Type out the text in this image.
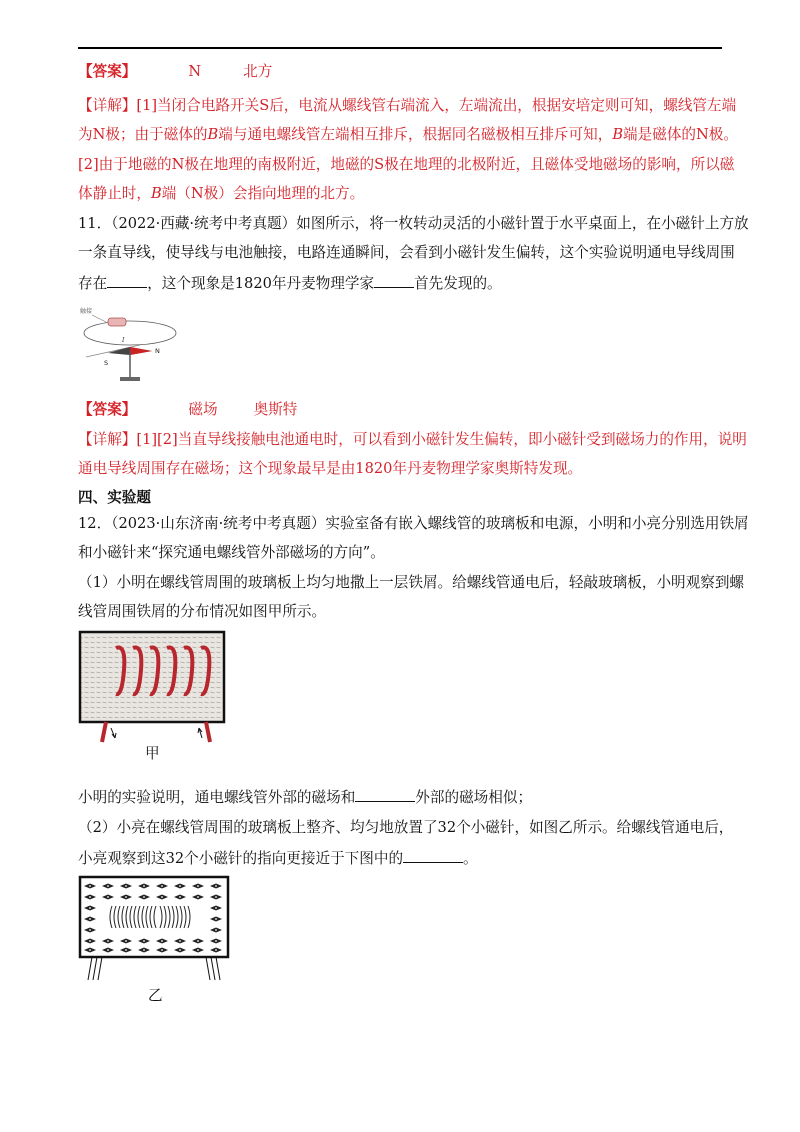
【答案】	N	北方
【详解】[1]当闭合电路开关S后，电流从螺线管右端流入，左端流出，根据安培定则可知，螺线管左端
为N极；由于磁体的B端与通电螺线管左端相互排斥，根据同名磁极相互排斥可知，B端是磁体的N极。
[2]由于地磁的N极在地理的南极附近，地磁的S极在地理的北极附近，且磁体受地磁场的影响，所以磁
体静止时，B端（N极）会指向地理的北方。
11．（2022·西藏·统考中考真题）如图所示，将一枚转动灵活的小磁针置于水平桌面上，在小磁针上方放
一条直导线，使导线与电池触接，电路连通瞬间，会看到小磁针发生偏转，这个实验说明通电导线周围
存在	，这个现象是1820年丹麦物理学家	首先发现的。
触接
I
S
N
【答案】	磁场 奥斯特
【详解】[1][2]当直导线接触电池通电时，可以看到小磁针发生偏转，即小磁针受到磁场力的作用，说明
通电导线周围存在磁场；这个现象最早是由1820年丹麦物理学家奥斯特发现。
四、实验题
12．（2023·山东济南·统考中考真题）实验室备有嵌入螺线管的玻璃板和电源，小明和小亮分别选用铁屑
和小磁针来“探究通电螺线管外部磁场的方向”。
（1）小明在螺线管周围的玻璃板上均匀地撒上一层铁屑。给螺线管通电后，轻敲玻璃板，小明观察到螺
线管周围铁屑的分布情况如图甲所示。
甲
小明的实验说明，通电螺线管外部的磁场和	外部的磁场相似；
（2）小亮在螺线管周围的玻璃板上整齐、均匀地放置了32个小磁针，如图乙所示。给螺线管通电后，
小亮观察到这32个小磁针的指向更接近于下图中的	。
乙
